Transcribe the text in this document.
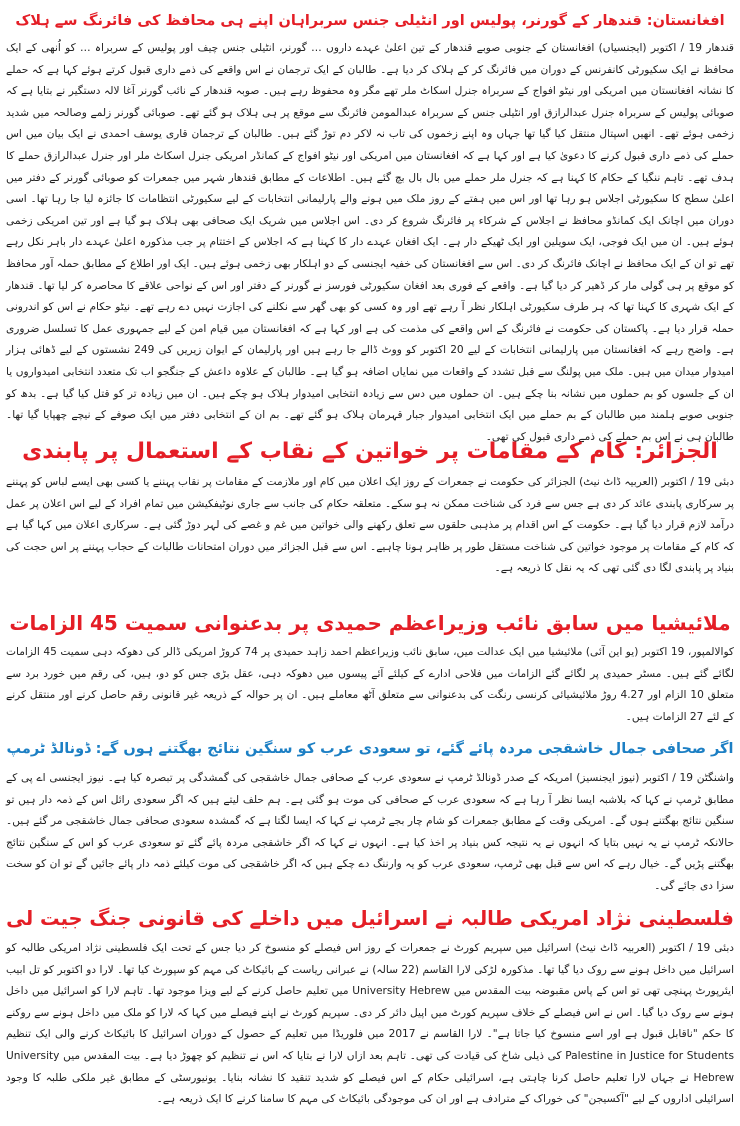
افغانستان: قندھار کے گورنر، پولیس اور انٹیلی جنس سربراہان اپنے ہی محافظ کی فائرنگ سے ہلاک

قندھار 19 / اکتوبر (ایجنسیاں) افغانستان کے جنوبی صوبے قندھار کے تین اعلیٰ عہدے داروں … گورنر، انٹیلی جنس چیف اور پولیس کے سربراہ … کو اُنھی کے ایک محافظ نے ایک سکیورٹی کانفرنس کے دوران میں فائرنگ کر کے ہلاک کر دیا ہے۔ طالبان کے ایک ترجمان نے اس واقعے کی ذمے داری قبول کرتے ہوئے کہا ہے کہ حملے کا نشانہ افغانستان میں امریکی اور نیٹو افواج کے سربراہ جنرل اسکاٹ ملر تھے مگر وہ محفوظ رہے ہیں۔ صوبہ قندھار کے نائب گورنر آغا لالہ دستگیر نے بتایا ہے کہ صوبائی پولیس کے سربراہ جنرل عبدالرازق اور انٹیلی جنس کے سربراہ عبدالمومن فائرنگ سے موقع پر ہی ہلاک ہو گئے تھے۔ صوبائی گورنر زلمے وصالحہ میں شدید زخمی ہوئے تھے۔ انھیں اسپتال منتقل کیا گیا تھا جہاں وہ اپنے زخموں کی تاب نہ لاکر دم توڑ گئے ہیں۔ طالبان کے ترجمان قاری یوسف احمدی نے ایک بیان میں اس حملے کی ذمے داری قبول کرنے کا دعویٰ کیا ہے اور کہا ہے کہ افغانستان میں امریکی اور نیٹو افواج کے کمانڈر امریکی جنرل اسکاٹ ملر اور جنرل عبدالرازق حملے کا ہدف تھے۔ تاہم ننگیا کے حکام کا کہنا ہے کہ جنرل ملر حملے میں بال بال بچ گئے ہیں۔ اطلاعات کے مطابق قندھار شہر میں جمعرات کو صوبائی گورنر کے دفتر میں اعلیٰ سطح کا سکیورٹی اجلاس ہو رہا تھا اور اس میں ہفتے کے روز ملک میں ہونے والے پارلیمانی انتخابات کے لیے سکیورٹی انتظامات کا جائزہ لیا جا رہا تھا۔ اسی دوران میں اچانک ایک کمانڈو محافظ نے اجلاس کے شرکاء پر فائرنگ شروع کر دی۔ اس اجلاس میں شریک ایک صحافی بھی ہلاک ہو گیا ہے اور تین امریکی زخمی ہوئے ہیں۔ ان میں ایک فوجی، ایک سویلین اور ایک ٹھیکے دار ہے۔ ایک افغان عہدے دار کا کہنا ہے کہ اجلاس کے اختتام پر جب مذکورہ اعلیٰ عہدے دار باہر نکل رہے تھے تو ان کے ایک محافظ نے اچانک فائرنگ کر دی۔ اس سے افغانستان کی خفیہ ایجنسی کے دو اہلکار بھی زخمی ہوئے ہیں۔ ایک اور اطلاع کے مطابق حملہ آور محافظ کو موقع پر ہی گولی مار کر ڈھیر کر دیا گیا ہے۔ واقعے کے فوری بعد افغان سکیورٹی فورسز نے گورنر کے دفتر اور اس کے نواحی علاقے کا محاصرہ کر لیا تھا۔ قندھار کے ایک شہری کا کہنا تھا کہ ہر طرف سکیورٹی اہلکار نظر آ رہے تھے اور وہ کسی کو بھی گھر سے نکلنے کی اجازت نہیں دے رہے تھے۔ نیٹو حکام نے اس کو اندرونی حملہ قرار دیا ہے۔ پاکستان کی حکومت نے فائرنگ کے اس واقعے کی مذمت کی ہے اور کہا ہے کہ افغانستان میں قیام امن کے لیے جمہوری عمل کا تسلسل ضروری ہے۔ واضح رہے کہ افغانستان میں پارلیمانی انتخابات کے لیے 20 اکتوبر کو ووٹ ڈالے جا رہے ہیں اور پارلیمان کے ایوان زیریں کی 249 نشستوں کے لیے ڈھائی ہزار امیدوار میدان میں ہیں۔ ملک میں پولنگ سے قبل تشدد کے واقعات میں نمایاں اضافہ ہو گیا ہے۔ طالبان کے علاوہ داعش کے جنگجو اب تک متعدد انتخابی امیدواروں یا ان کے جلسوں کو بم حملوں میں نشانہ بنا چکے ہیں۔ ان حملوں میں دس سے زیادہ انتخابی امیدوار ہلاک ہو چکے ہیں۔ ان میں زیادہ تر کو قتل کیا گیا ہے۔ بدھ کو جنوبی صوبے ہلمند میں طالبان کے بم حملے میں ایک انتخابی امیدوار جبار قہرمان ہلاک ہو گئے تھے۔ بم ان کے انتخابی دفتر میں ایک صوفے کے نیچے چھپایا گیا تھا۔ طالبان ہی نے اس بم حملے کی ذمے داری قبول کی تھی۔

الجزائر: کام کے مقامات پر خواتین کے نقاب کے استعمال پر پابندی

دبئی 19 / اکتوبر (العربیہ ڈاٹ نیٹ) الجزائر کی حکومت نے جمعرات کے روز ایک اعلان میں کام اور ملازمت کے مقامات پر نقاب پہننے یا کسی بھی ایسے لباس کو پہننے پر سرکاری پابندی عائد کر دی ہے جس سے فرد کی شناخت ممکن نہ ہو سکے۔ متعلقہ حکام کی جانب سے جاری نوٹیفکیشن میں تمام افراد کے لیے اس اعلان پر عمل درآمد لازم قرار دیا گیا ہے۔ حکومت کے اس اقدام پر مذہبی حلقوں سے تعلق رکھنے والی خواتین میں غم و غصے کی لہر دوڑ گئی ہے۔ سرکاری اعلان میں کہا گیا ہے کہ کام کے مقامات پر موجود خواتین کی شناخت مستقل طور پر ظاہر ہونا چاہیے۔ اس سے قبل الجزائر میں دوران امتحانات طالبات کے حجاب پہننے پر اس حجت کی بنیاد پر پابندی لگا دی گئی تھی کہ یہ نقل کا ذریعہ ہے۔

ملائیشیا میں سابق نائب وزیراعظم حمیدی پر بدعنوانی سمیت 45 الزامات

کوالالمپور، 19 اکتوبر (یو این آئی) ملائیشیا میں ایک عدالت میں، سابق نائب وزیراعظم احمد زاہد حمیدی پر 74 کروڑ امریکی ڈالر کی دھوکہ دہی سمیت 45 الزامات لگائے گئے ہیں۔ مسٹر حمیدی پر لگائے گئے الزامات میں فلاحی ادارے کے کیلئے آئے پیسوں میں دھوکہ دہی، عقل بڑی جس کو دو، ہیں، کی رقم میں خورد برد سے متعلق 10 الزام اور 4.27 روڑ ملائیشیائی کرنسی رنگت کی بدعنوانی سے متعلق آٹھ معاملے ہیں۔ ان پر حوالہ کے ذریعہ غیر قانونی رقم حاصل کرنے اور منتقل کرنے کے لئے 27 الزامات ہیں۔

اگر صحافی جمال خاشقجی مردہ پائے گئے، تو سعودی عرب کو سنگین نتائج بھگتنے ہوں گے: ڈونالڈ ٹرمپ

واشنگٹن 19 / اکتوبر (نیوز ایجنسیز) امریکہ کے صدر ڈونالڈ ٹرمپ نے سعودی عرب کے صحافی جمال خاشقجی کی گمشدگی پر تبصرہ کیا ہے۔ نیوز ایجنسی اے پی کے مطابق ٹرمپ نے کہا کہ بلاشبہ ایسا نظر آ رہا ہے کہ سعودی عرب کے صحافی کی موت ہو گئی ہے۔ ہم حلف لیتے ہیں کہ اگر سعودی رائل اس کے ذمہ دار ہیں تو سنگین نتائج بھگتنے ہوں گے۔ امریکی وقت کے مطابق جمعرات کو شام چار بجے ٹرمپ نے کہا کہ ایسا لگتا ہے کہ گمشدہ سعودی صحافی جمال خاشقجی مر گئے ہیں۔ حالانکہ ٹرمپ نے یہ نہیں بتایا کہ انہوں نے یہ نتیجہ کس بنیاد پر اخذ کیا ہے۔ انہوں نے کہا کہ اگر خاشقجی مردہ پائے گئے تو سعودی عرب کو اس کے سنگین نتائج بھگتنے پڑیں گے۔ خیال رہے کہ اس سے قبل بھی ٹرمپ، سعودی عرب کو یہ وارننگ دے چکے ہیں کہ اگر خاشقجی کی موت کیلئے ذمہ دار پائے جائیں گے تو ان کو سخت سزا دی جائے گی۔

فلسطینی نژاد امریکی طالبہ نے اسرائیل میں داخلے کی قانونی جنگ جیت لی

دبئی 19 / اکتوبر (العربیہ ڈاٹ نیٹ) اسرائیل میں سپریم کورٹ نے جمعرات کے روز اس فیصلے کو منسوخ کر دیا جس کے تحت ایک فلسطینی نژاد امریکی طالبہ کو اسرائیل میں داخل ہونے سے روک دیا گیا تھا۔ مذکورہ لڑکی لارا القاسم (22 سالہ) نے عبرانی ریاست کے بائیکاٹ کی مہم کو سپورٹ کیا تھا۔ لارا دو اکتوبر کو تل ابیب ایئرپورٹ پہنچی تھی تو اس کے پاس مقبوضہ بیت المقدس میں University Hebrew میں تعلیم حاصل کرنے کے لیے ویزا موجود تھا۔ تاہم لارا کو اسرائیل میں داخل ہونے سے روک دیا گیا۔ اس نے اس فیصلے کے خلاف سپریم کورٹ میں اپیل دائر کر دی۔ سپریم کورٹ نے اپنے فیصلے میں کہا کہ لارا کو ملک میں داخل ہونے سے روکنے کا حکم "ناقابل قبول ہے اور اسے منسوخ کیا جاتا ہے"۔ لارا القاسم نے 2017 میں فلوریڈا میں تعلیم کے حصول کے دوران اسرائیل کا بائیکاٹ کرنے والی ایک تنظیم Palestine in Justice for Students کی ذیلی شاخ کی قیادت کی تھی۔ تاہم بعد ازاں لارا نے بتایا کہ اس نے تنظیم کو چھوڑ دیا ہے۔ بیت المقدس میں University Hebrew نے جہاں لارا تعلیم حاصل کرنا چاہتی ہے، اسرائیلی حکام کے اس فیصلے کو شدید تنقید کا نشانہ بنایا۔ یونیورسٹی کے مطابق غیر ملکی طلبہ کا وجود اسرائیلی اداروں کے لیے "آکسیجن" کی خوراک کے مترادف ہے اور ان کی موجودگی بائیکاٹ کی مہم کا سامنا کرنے کا ایک ذریعہ ہے۔
